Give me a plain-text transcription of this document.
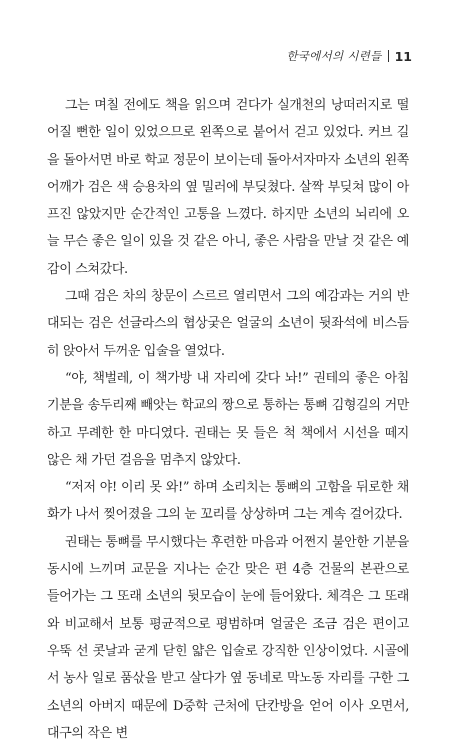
한국에서의 시련들 11

그는 며칠 전에도 책을 읽으며 걷다가 실개천의 낭떠러지로 떨어질 뻔한 일이 있었으므로 왼쪽으로 붙어서 걷고 있었다. 커브 길을 돌아서면 바로 학교 정문이 보이는데 돌아서자마자 소년의 왼쪽어깨가 검은 색 승용차의 옆 밀러에 부딪쳤다. 살짝 부딪쳐 많이 아프진 않았지만 순간적인 고통을 느꼈다. 하지만 소년의 뇌리에 오늘 무슨 좋은 일이 있을 것 같은 아니, 좋은 사람을 만날 것 같은 예감이 스쳐갔다.

그때 검은 차의 창문이 스르르 열리면서 그의 예감과는 거의 반대되는 검은 선글라스의 협상궂은 얼굴의 소년이 뒷좌석에 비스듬히 앉아서 두꺼운 입술을 열었다.

“야, 책벌레, 이 책가방 내 자리에 갖다 놔!” 권테의 좋은 아침 기분을 송두리째 빼앗는 학교의 짱으로 통하는 통뼈 김형길의 거만하고 무례한 한 마디였다. 권태는 못 들은 척 책에서 시선을 떼지 않은 채 가던 걸음을 멈추지 않았다.

“저저 야! 이리 못 와!” 하며 소리치는 통뼈의 고함을 뒤로한 채 화가 나서 찢어졌을 그의 눈 꼬리를 상상하며 그는 계속 걸어갔다.

권태는 통뼈를 무시했다는 후련한 마음과 어쩐지 불안한 기분을 동시에 느끼며 교문을 지나는 순간 맞은 편 4층 건물의 본관으로 들어가는 그 또래 소년의 뒷모습이 눈에 들어왔다. 체격은 그 또래와 비교해서 보통 평균적으로 평범하며 얼굴은 조금 검은 편이고 우뚝 선 콧날과 굳게 닫힌 얇은 입술로 강직한 인상이었다. 시골에서 농사 일로 품삯을 받고 살다가 옆 동네로 막노동 자리를 구한 그 소년의 아버지 때문에 D중학 근처에 단칸방을 얻어 이사 오면서, 대구의 작은 변
